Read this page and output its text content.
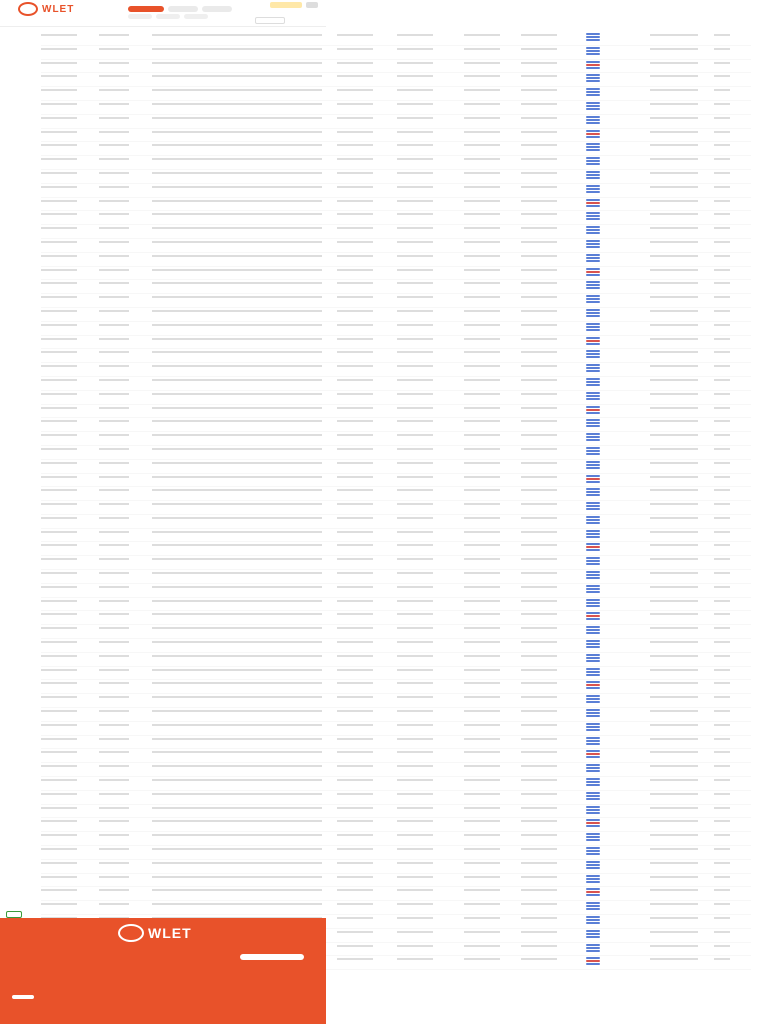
WLET
WLET
